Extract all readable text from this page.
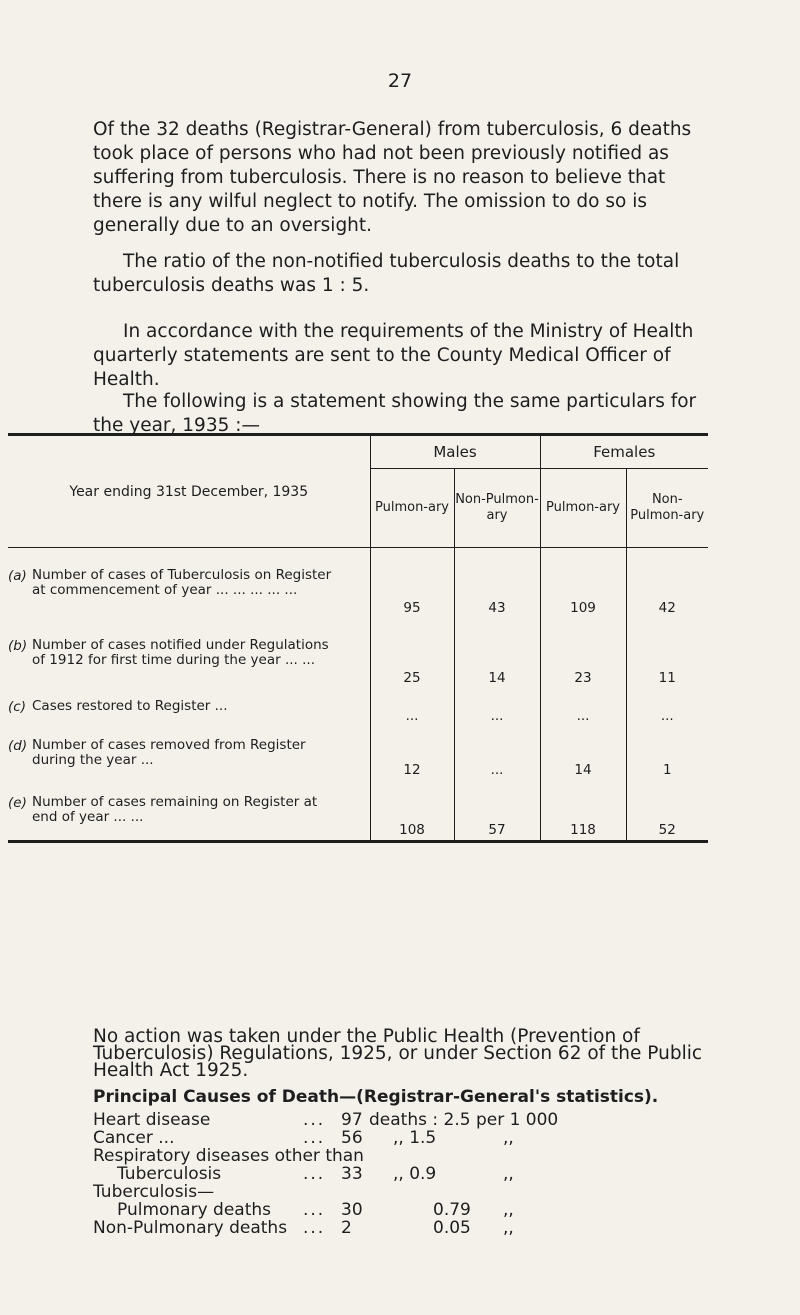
27

Of the 32 deaths (Registrar-General) from tuberculosis, 6 deaths took place of persons who had not been previously notified as suffering from tuberculosis. There is no reason to believe that there is any wilful neglect to notify. The omission to do so is generally due to an oversight.

The ratio of the non-notified tuberculosis deaths to the total tuberculosis deaths was 1 : 5.

In accordance with the requirements of the Ministry of Health quarterly statements are sent to the County Medical Officer of Health.

The following is a statement showing the same particulars for the year, 1935 :—

Year ending 31st December, 1935	Males		Females	
	Pulmon-ary	Non-Pulmon-ary	Pulmon-ary	Non-Pulmon-ary
(a) Number of cases of Tuberculosis on Register at commencement of year ... ... ... ... ...	95	43	109	42
(b) Number of cases notified under Regulations of 1912 for first time during the year ... ...	25	14	23	11
(c) Cases restored to Register ...	...	...	...	...
(d) Number of cases removed from Register during the year ...	12	...	14	1
(e) Number of cases remaining on Register at end of year ... ...	108	57	118	52
No action was taken under the Public Health (Prevention of Tuberculosis) Regulations, 1925, or under Section 62 of the Public Health Act 1925.
Principal Causes of Death—(Registrar-General's statistics).
Heart disease	... 97 deaths : 2.5 per 1 000
Cancer ...	... 56 ,, 1.5	,,
Respiratory diseases other than
Tuberculosis	... 33 ,, 0.9	,,
Tuberculosis—
Pulmonary deaths ... 30	0.79 ,,
Non-Pulmonary deaths ... 2	0.05 ,,
